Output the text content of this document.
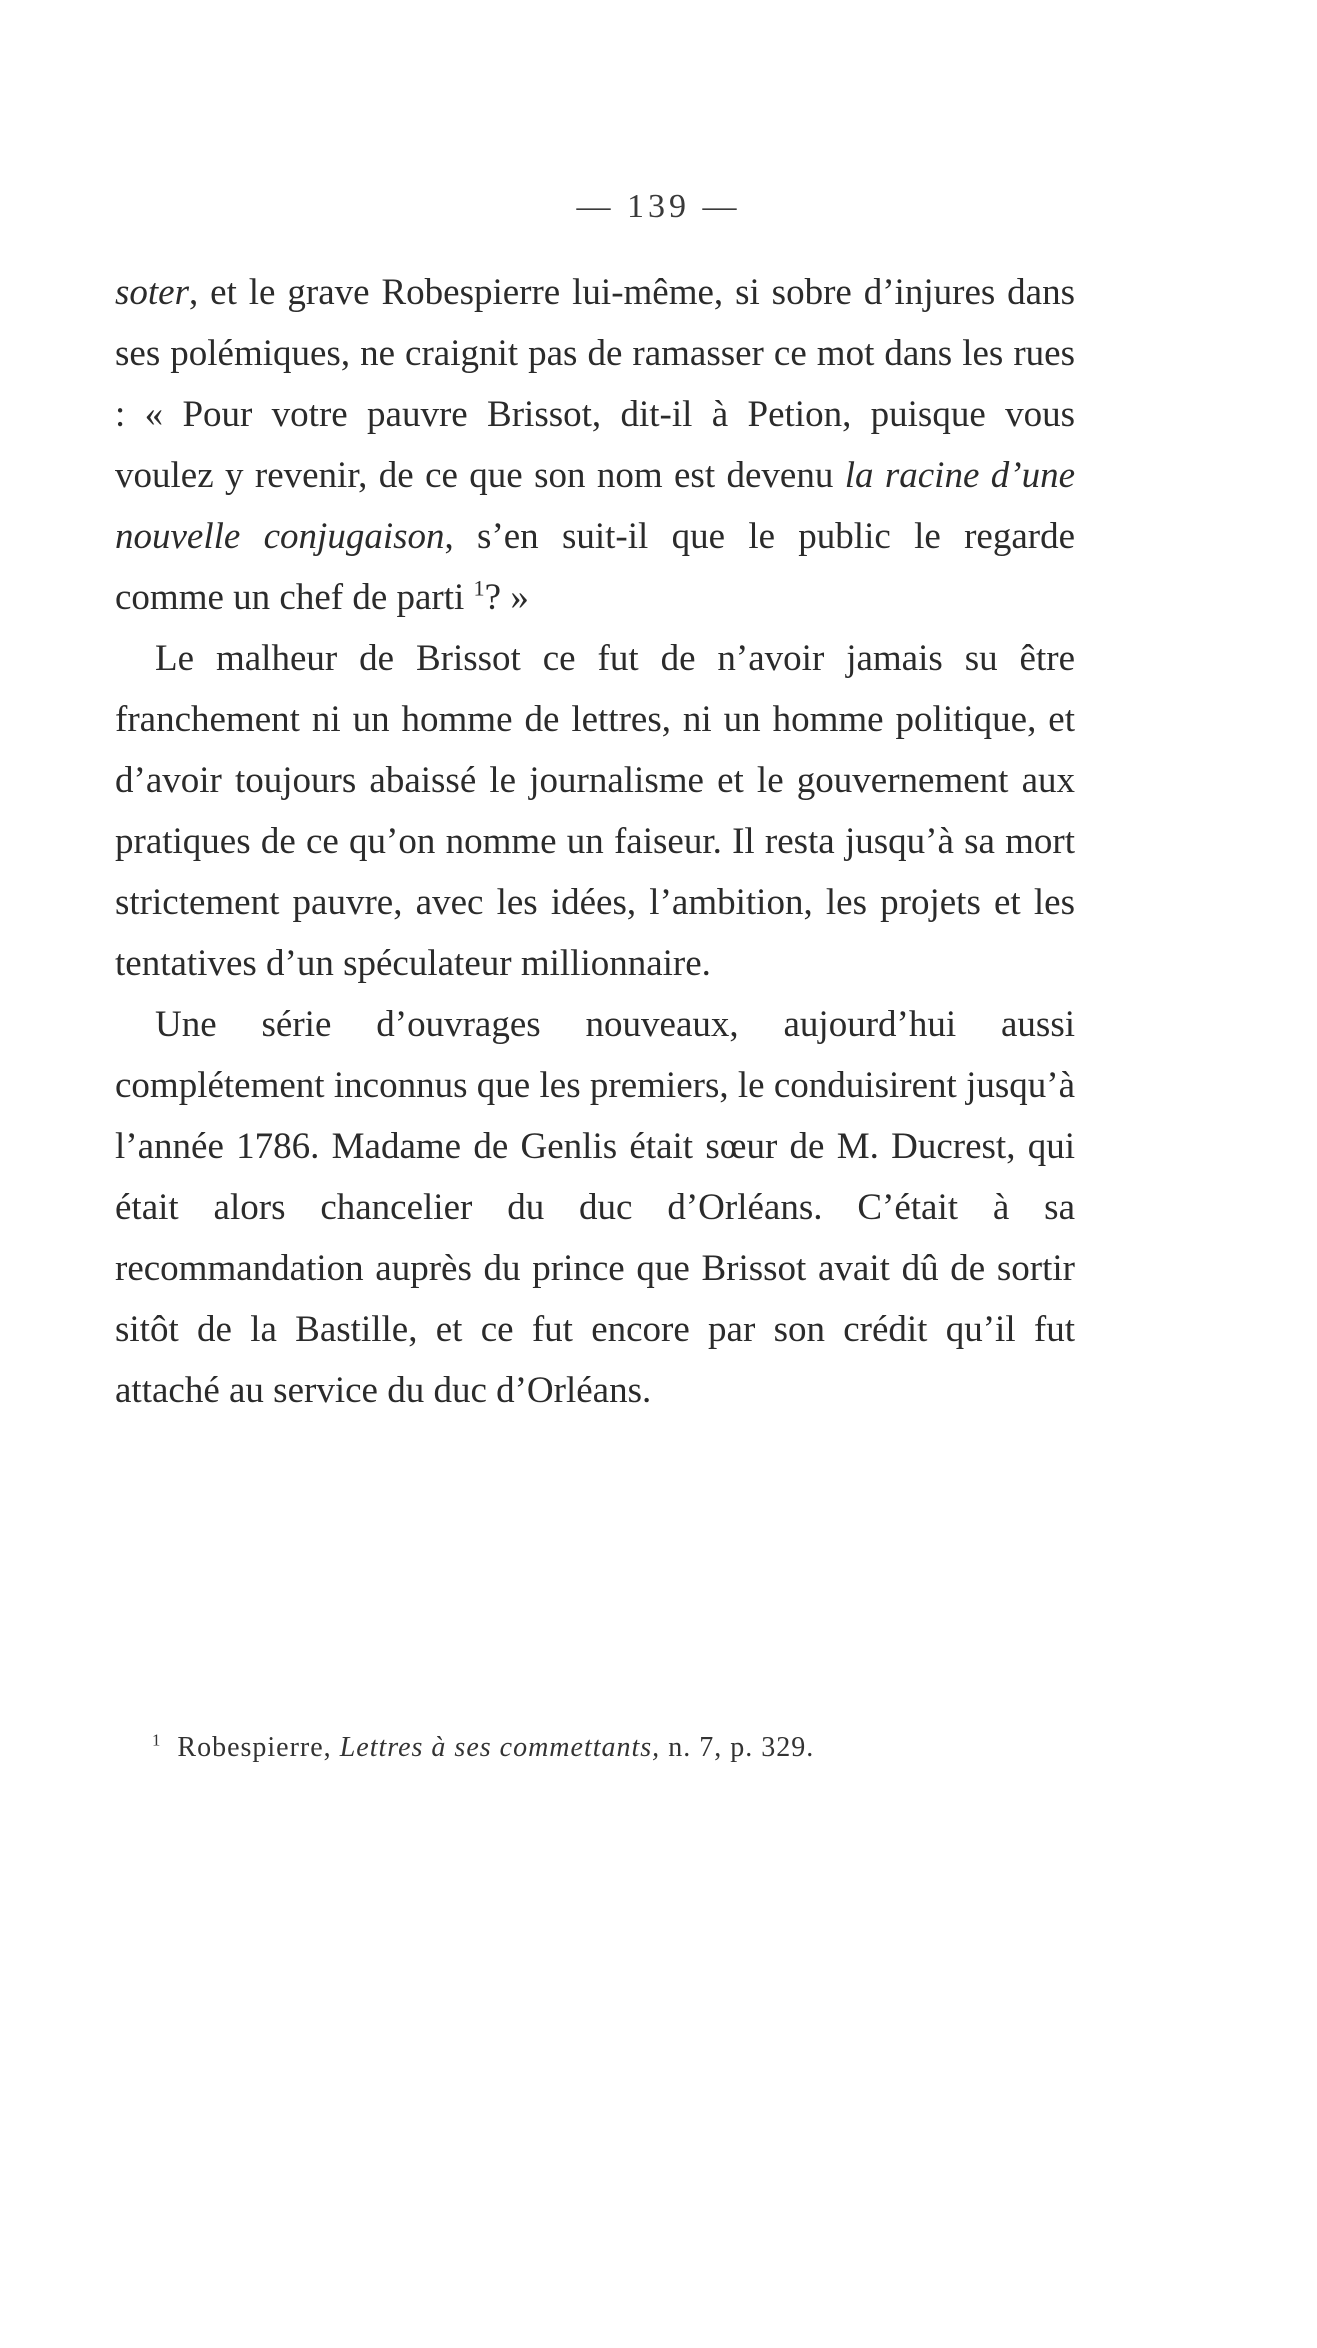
— 139 —

soter, et le grave Robespierre lui-même, si sobre d’injures dans ses polémiques, ne craignit pas de ramasser ce mot dans les rues : « Pour votre pauvre Brissot, dit-il à Petion, puisque vous voulez y revenir, de ce que son nom est devenu la racine d’une nouvelle conjugaison, s’en suit-il que le public le regarde comme un chef de parti $^1$? »

Le malheur de Brissot ce fut de n’avoir jamais su être franchement ni un homme de lettres, ni un homme politique, et d’avoir toujours abaissé le journalisme et le gouvernement aux pratiques de ce qu’on nomme un faiseur. Il resta jusqu’à sa mort strictement pauvre, avec les idées, l’ambition, les projets et les tentatives d’un spéculateur millionnaire.

Une série d’ouvrages nouveaux, aujourd’hui aussi complétement inconnus que les premiers, le conduisirent jusqu’à l’année 1786. Madame de Genlis était sœur de M. Ducrest, qui était alors chancelier du duc d’Orléans. C’était à sa recommandation auprès du prince que Brissot avait dû de sortir sitôt de la Bastille, et ce fut encore par son crédit qu’il fut attaché au service du duc d’Orléans.

$^1$ Robespierre, Lettres à ses commettants, n. 7, p. 329.
